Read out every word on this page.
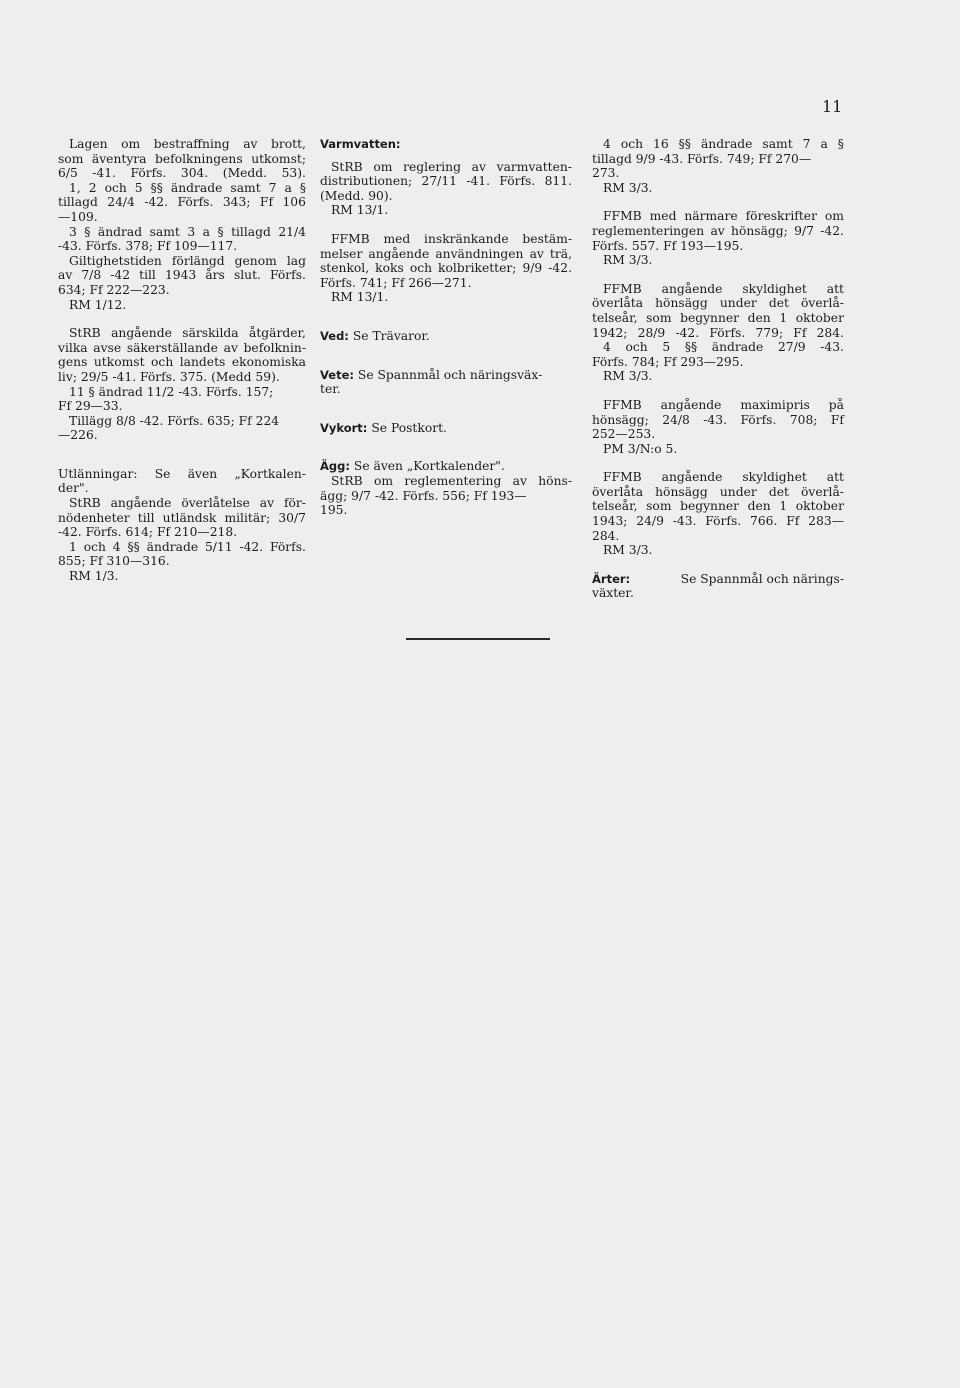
11

Lagen om bestraffning av brott,
som äventyra befolkningens utkomst;
6/5 -41. Förfs. 304. (Medd. 53).
1, 2 och 5 §§ ändrade samt 7 a §
tillagd 24/4 -42. Förfs. 343; Ff 106
—109.
3 § ändrad samt 3 a § tillagd 21/4
-43. Förfs. 378; Ff 109—117.
Giltighetstiden förlängd genom lag
av 7/8 -42 till 1943 års slut. Förfs.
634; Ff 222—223.
RM 1/12.

StRB angående särskilda åtgärder,
vilka avse säkerställande av befolknin-
gens utkomst och landets ekonomiska
liv; 29/5 -41. Förfs. 375. (Medd 59).
11 § ändrad 11/2 -43. Förfs. 157;
Ff 29—33.
Tillägg 8/8 -42. Förfs. 635; Ff 224
—226.

Utlänningar: Se även „Kortkalen-
der".
StRB angående överlåtelse av för-
nödenheter till utländsk militär; 30/7
-42. Förfs. 614; Ff 210—218.
1 och 4 §§ ändrade 5/11 -42. Förfs.
855; Ff 310—316.
RM 1/3.

Varmvatten:

StRB om reglering av varmvatten-
distributionen; 27/11 -41. Förfs. 811.
(Medd. 90).
RM 13/1.

FFMB med inskränkande bestäm-
melser angående användningen av trä,
stenkol, koks och kolbriketter; 9/9 -42.
Förfs. 741; Ff 266—271.
RM 13/1.

Ved: Se Trävaror.

Vete: Se Spannmål och näringsväx-
ter.

Vykort: Se Postkort.

Ägg: Se även „Kortkalender".
StRB om reglementering av höns-
ägg; 9/7 -42. Förfs. 556; Ff 193—
195.

4 och 16 §§ ändrade samt 7 a §
tillagd 9/9 -43. Förfs. 749; Ff 270—
273.
RM 3/3.

FFMB med närmare föreskrifter om
reglementeringen av hönsägg; 9/7 -42.
Förfs. 557. Ff 193—195.
RM 3/3.

FFMB angående skyldighet att
överlåta hönsägg under det överlå-
telseår, som begynner den 1 oktober
1942; 28/9 -42. Förfs. 779; Ff 284.
4 och 5 §§ ändrade 27/9 -43.
Förfs. 784; Ff 293—295.
RM 3/3.

FFMB angående maximipris på
hönsägg; 24/8 -43. Förfs. 708; Ff
252—253.
PM 3/N:o 5.

FFMB angående skyldighet att
överlåta hönsägg under det överlå-
telseår, som begynner den 1 oktober
1943; 24/9 -43. Förfs. 766. Ff 283—
284.
RM 3/3.

Ärter:	Se Spannmål och närings-
växter.
